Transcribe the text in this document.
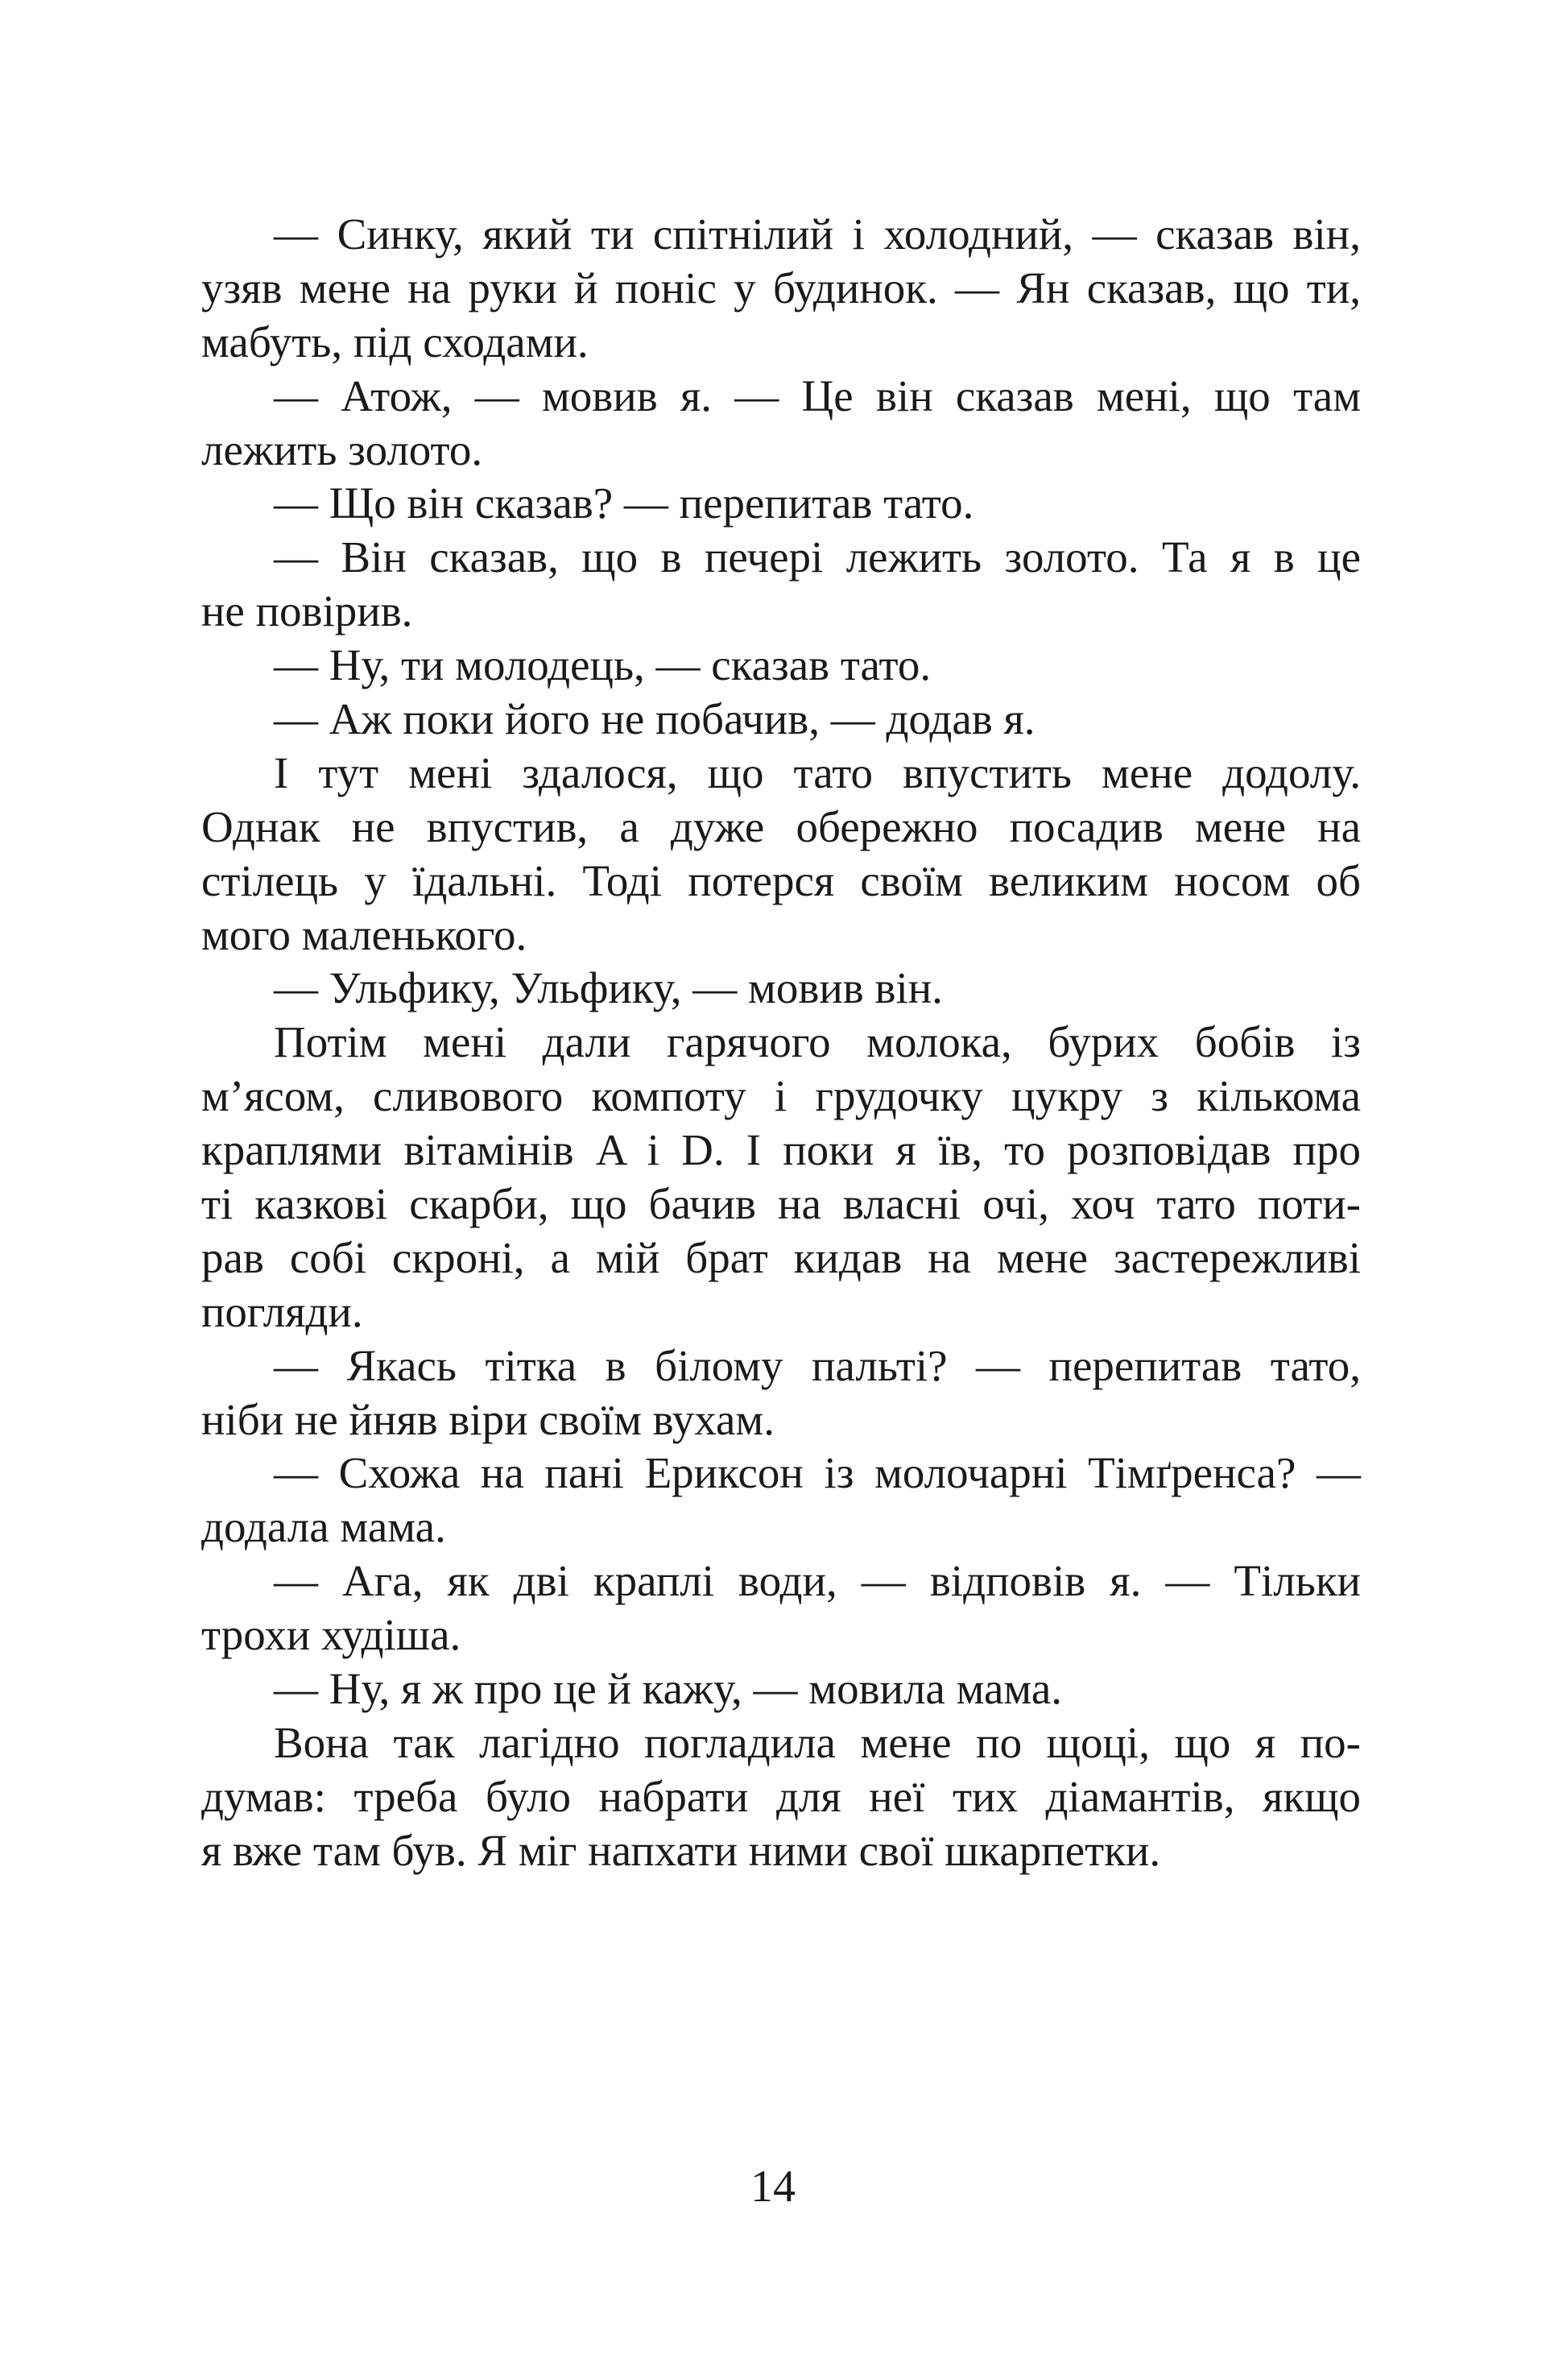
— Синку, який ти спітнілий і холодний, — сказав він,
узяв мене на руки й поніс у будинок. — Ян сказав, що ти,
мабуть, під сходами.
— Атож, — мовив я. — Це він сказав мені, що там
лежить золото.
— Що він сказав? — перепитав тато.
— Він сказав, що в печері лежить золото. Та я в це
не повірив.
— Ну, ти молодець, — сказав тато.
— Аж поки його не побачив, — додав я.
І тут мені здалося, що тато впустить мене додолу.
Однак не впустив, а дуже обережно посадив мене на
стілець у їдальні. Тоді потерся своїм великим носом об
мого маленького.
— Ульфику, Ульфику, — мовив він.
Потім мені дали гарячого молока, бурих бобів із
м’ясом, сливового компоту і грудочку цукру з кількома
краплями вітамінів A і D. І поки я їв, то розповідав про
ті казкові скарби, що бачив на власні очі, хоч тато поти-
рав собі скроні, а мій брат кидав на мене застережливі
погляди.
— Якась тітка в білому пальті? — перепитав тато,
ніби не йняв віри своїм вухам.
— Схожа на пані Ериксон із молочарні Тімґренса? —
додала мама.
— Ага, як дві краплі води, — відповів я. — Тільки
трохи худіша.
— Ну, я ж про це й кажу, — мовила мама.
Вона так лагідно погладила мене по щоці, що я по-
думав: треба було набрати для неї тих діамантів, якщо
я вже там був. Я міг напхати ними свої шкарпетки.
14
